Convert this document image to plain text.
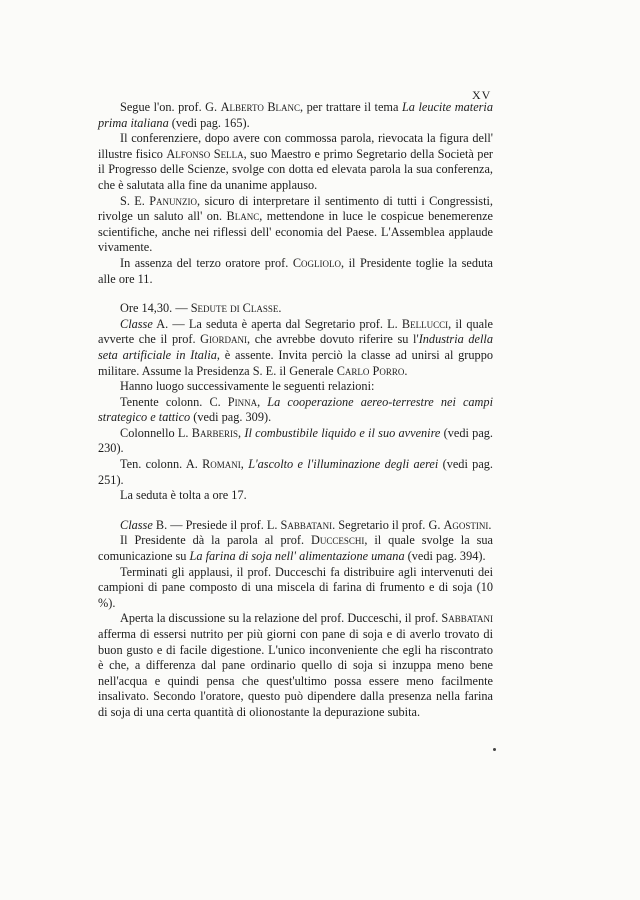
XV

Segue l'on. prof. G. Alberto Blanc, per trattare il tema La leucite materia prima italiana (vedi pag. 165).

Il conferenziere, dopo avere con commossa parola, rievocata la figura dell' illustre fisico Alfonso Sella, suo Maestro e primo Segretario della Società per il Progresso delle Scienze, svolge con dotta ed elevata parola la sua conferenza, che è salutata alla fine da unanime applauso.

S. E. Panunzio, sicuro di interpretare il sentimento di tutti i Congressisti, rivolge un saluto all' on. Blanc, mettendone in luce le cospicue benemerenze scientifiche, anche nei riflessi dell' economia del Paese. L'Assemblea applaude vivamente.

In assenza del terzo oratore prof. Cogliolo, il Presidente toglie la seduta alle ore 11.

Ore 14,30. — Sedute di Classe.

Classe A. — La seduta è aperta dal Segretario prof. L. Bellucci, il quale avverte che il prof. Giordani, che avrebbe dovuto riferire su l'Industria della seta artificiale in Italia, è assente. Invita perciò la classe ad unirsi al gruppo militare. Assume la Presidenza S. E. il Generale Carlo Porro.

Hanno luogo successivamente le seguenti relazioni:

Tenente colonn. C. Pinna, La cooperazione aereo-terrestre nei campi strategico e tattico (vedi pag. 309).

Colonnello L. Barberis, Il combustibile liquido e il suo avvenire (vedi pag. 230).

Ten. colonn. A. Romani, L'ascolto e l'illuminazione degli aerei (vedi pag. 251).

La seduta è tolta a ore 17.

Classe B. — Presiede il prof. L. Sabbatani. Segretario il prof. G. Agostini.

Il Presidente dà la parola al prof. Ducceschi, il quale svolge la sua comunicazione su La farina di soja nell' alimentazione umana (vedi pag. 394).

Terminati gli applausi, il prof. Ducceschi fa distribuire agli intervenuti dei campioni di pane composto di una miscela di farina di frumento e di soja (10 %).

Aperta la discussione su la relazione del prof. Ducceschi, il prof. Sabbatani afferma di essersi nutrito per più giorni con pane di soja e di averlo trovato di buon gusto e di facile digestione. L'unico inconveniente che egli ha riscontrato è che, a differenza dal pane ordinario quello di soja si inzuppa meno bene nell'acqua e quindi pensa che quest'ultimo possa essere meno facilmente insalivato. Secondo l'oratore, questo può dipendere dalla presenza nella farina di soja di una certa quantità di olionostante la depurazione subita.
